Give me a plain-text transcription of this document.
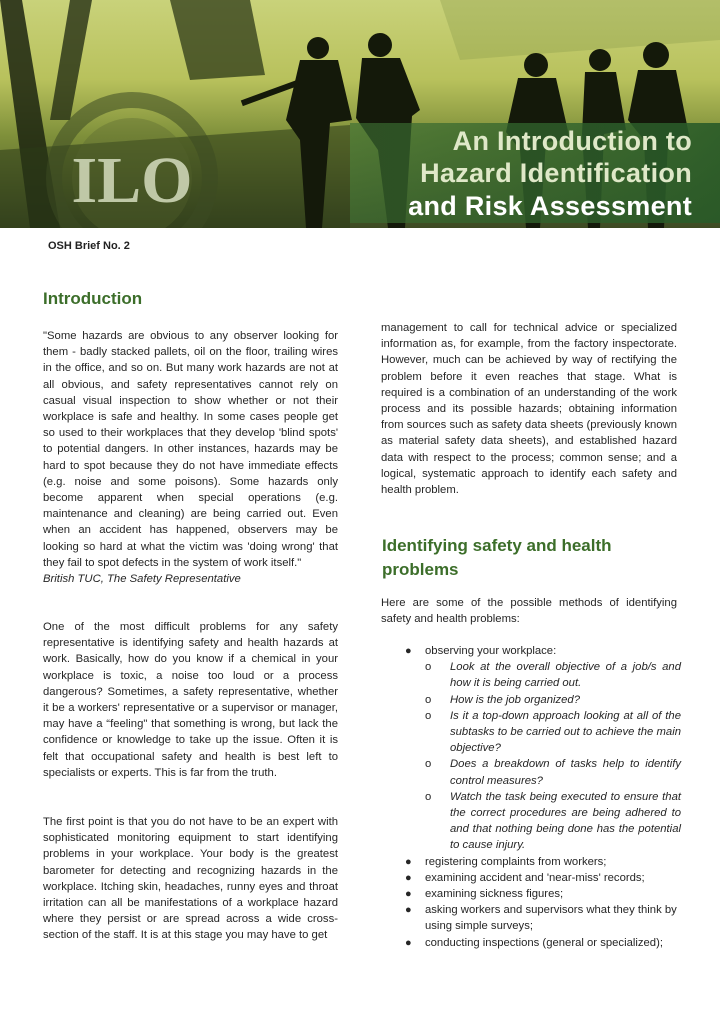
ILO
An Introduction to
Hazard Identification
and Risk Assessment
OSH Brief No. 2
Introduction
"Some hazards are obvious to any observer looking for them - badly stacked pallets, oil on the floor, trailing wires in the office, and so on. But many work hazards are not at all obvious, and safety representatives cannot rely on casual visual inspection to show whether or not their workplace is safe and healthy. In some cases people get so used to their workplaces that they develop 'blind spots' to potential dangers. In other instances, hazards may be hard to spot because they do not have immediate effects (e.g. noise and some poisons). Some hazards only become apparent when special operations (e.g. maintenance and cleaning) are being carried out. Even when an accident has happened, observers may be looking so hard at what the victim was 'doing wrong' that they fail to spot defects in the system of work itself."
British TUC, The Safety Representative
One of the most difficult problems for any safety representative is identifying safety and health hazards at work. Basically, how do you know if a chemical in your workplace is toxic, a noise too loud or a process dangerous? Sometimes, a safety representative, whether it be a workers' representative or a supervisor or manager, may have a “feeling" that something is wrong, but lack the confidence or knowledge to take up the issue. Often it is felt that occupational safety and health is best left to specialists or experts. This is far from the truth.
The first point is that you do not have to be an expert with sophisticated monitoring equipment to start identifying problems in your workplace. Your body is the greatest barometer for detecting and recognizing hazards in the workplace. Itching skin, headaches, runny eyes and throat irritation can all be manifestations of a workplace hazard where they persist or are spread across a wide cross-section of the staff. It is at this stage you may have to get
management to call for technical advice or specialized information as, for example, from the factory inspectorate. However, much can be achieved by way of rectifying the problem before it even reaches that stage. What is required is a combination of an understanding of the work process and its possible hazards; obtaining information from sources such as safety data sheets (previously known as material safety data sheets), and established hazard data with respect to the process; common sense; and a logical, systematic approach to identify each safety and health problem.
Identifying safety and health problems
Here are some of the possible methods of identifying safety and health problems:
● observing your workplace:
o Look at the overall objective of a job/s and how it is being carried out.
o How is the job organized?
o Is it a top-down approach looking at all of the subtasks to be carried out to achieve the main objective?
o Does a breakdown of tasks help to identify control measures?
o Watch the task being executed to ensure that the correct procedures are being adhered to and that nothing being done has the potential to cause injury.
● registering complaints from workers;
● examining accident and 'near-miss' records;
● examining sickness figures;
● asking workers and supervisors what they think by using simple surveys;
● conducting inspections (general or specialized);
